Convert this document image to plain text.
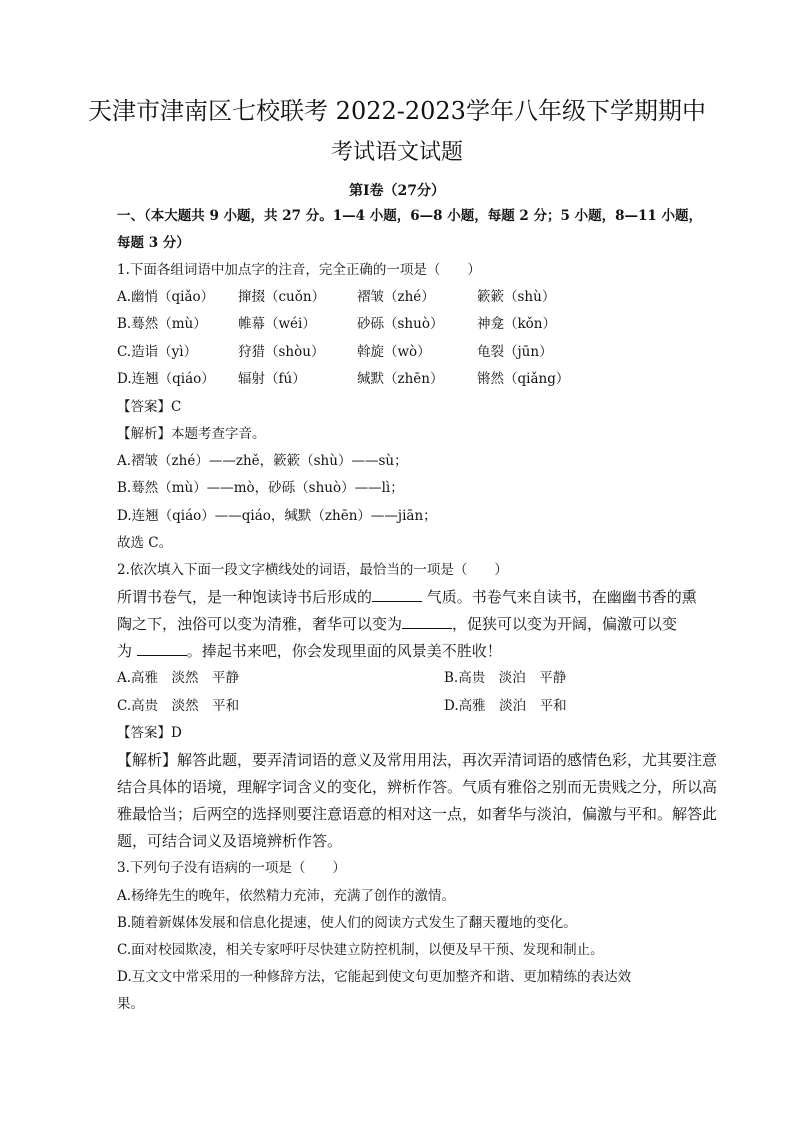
天津市津南区七校联考 2022-2023学年八年级下学期期中
考试语文试题
第Ⅰ卷（27分）
一、（本大题共 9 小题，共 27 分。1—4 小题，6—8 小题，每题 2 分；5 小题，8—11 小题，
每题 3 分）
1.下面各组词语中加点字的注音，完全正确的一项是（　　）
A.幽悄（qiǎo） 撺掇（cuǒn） 褶皱（zhé）	簌簌（shù）
B.蓦然（mù） 帷幕（wéi）	砂砾（shuò） 神龛（kǒn）
C.造诣（yì）	狩猎（shòu） 斡旋（wò）	龟裂（jūn）
D.连翘（qiáo） 辐射（fú）	缄默（zhēn） 锵然（qiǎng）
【答案】C
【解析】本题考查字音。
A.褶皱（zhé）——zhě，簌簌（shù）——sù；
B.蓦然（mù）——mò，砂砾（shuò）——lì；
D.连翘（qiáo）——qiáo，缄默（zhēn）——jiān；
故选 C。
2.依次填入下面一段文字横线处的词语，最恰当的一项是（　　）
所谓书卷气，是一种饱读诗书后形成的	气质。书卷气来自读书，在幽幽书香的熏
陶之下，浊俗可以变为清雅，奢华可以变为	，促狭可以变为开阔，偏激可以变
为	。捧起书来吧，你会发现里面的风景美不胜收！
A.高雅　淡然　平静	B.高贵　淡泊　平静
C.高贵　淡然　平和	D.高雅　淡泊　平和
【答案】D
【解析】解答此题，要弄清词语的意义及常用用法，再次弄清词语的感情色彩，尤其要注意
结合具体的语境，理解字词含义的变化，辨析作答。气质有雅俗之别而无贵贱之分，所以高
雅最恰当；后两空的选择则要注意语意的相对这一点，如奢华与淡泊，偏激与平和。解答此
题，可结合词义及语境辨析作答。
3.下列句子没有语病的一项是（　　）
A.杨绛先生的晚年，依然精力充沛，充满了创作的激情。
B.随着新媒体发展和信息化提速，使人们的阅读方式发生了翻天覆地的变化。
C.面对校园欺凌，相关专家呼吁尽快建立防控机制，以便及早干预、发现和制止。
D.互文文中常采用的一种修辞方法，它能起到使文句更加整齐和谐、更加精练的表达效
果。
